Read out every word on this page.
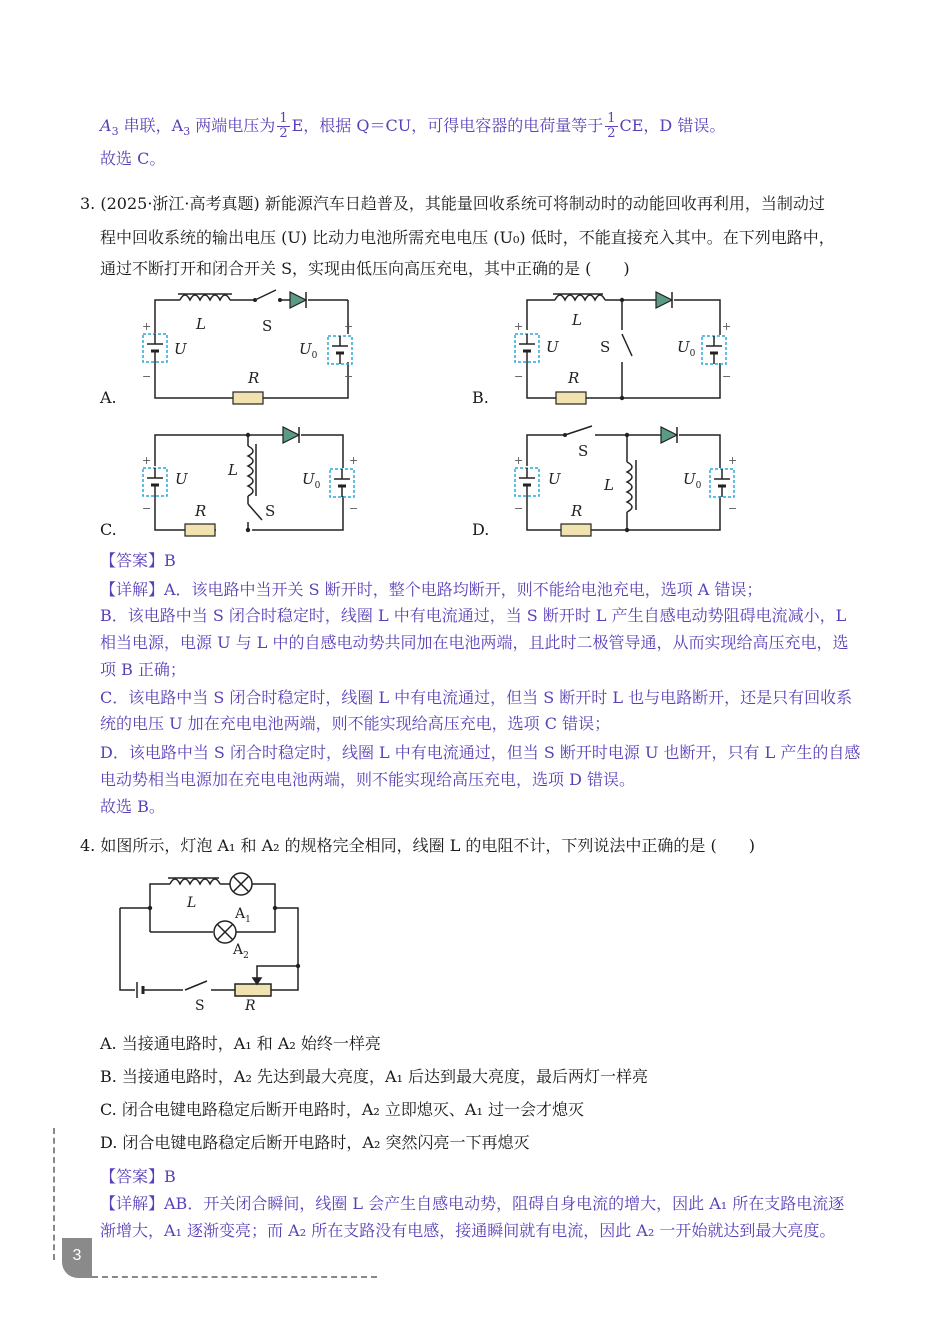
$A_3$ 串联，$A_3$ 两端电压为 $\frac{1}{2}$ E，根据 Q＝CU，可得电容器的电荷量等于 $\frac{1}{2}$ CE，D 错误。
故选 C。
3. (2025·浙江·高考真题) 新能源汽车日趋普及，其能量回收系统可将制动时的动能回收再利用，当制动过
程中回收系统的输出电压 (U) 比动力电池所需充电电压 (U₀) 低时，不能直接充入其中。在下列电路中，
通过不断打开和闭合开关 S，实现由低压向高压充电，其中正确的是 (　　)
A.	B.
C.	D.
L
R
U	$U_0$
L
R
U	$U_0$
L
R
U	$U_0$	L
R
U	$U_0$
S
S
S
S
+
−
+
−
+
−
+
−
+
−
+
−
+
−
+
−
【答案】B
【详解】A．该电路中当开关 S 断开时，整个电路均断开，则不能给电池充电，选项 A 错误；
B．该电路中当 S 闭合时稳定时，线圈 L 中有电流通过，当 S 断开时 L 产生自感电动势阻碍电流减小，L
相当电源，电源 U 与 L 中的自感电动势共同加在电池两端，且此时二极管导通，从而实现给高压充电，选
项 B 正确；
C．该电路中当 S 闭合时稳定时，线圈 L 中有电流通过，但当 S 断开时 L 也与电路断开，还是只有回收系
统的电压 U 加在充电电池两端，则不能实现给高压充电，选项 C 错误；
D．该电路中当 S 闭合时稳定时，线圈 L 中有电流通过，但当 S 断开时电源 U 也断开，只有 L 产生的自感
电动势相当电源加在充电电池两端，则不能实现给高压充电，选项 D 错误。
故选 B。
4. 如图所示，灯泡 A₁ 和 A₂ 的规格完全相同，线圈 L 的电阻不计，下列说法中正确的是 (　　)
L
$A_1$
$A_2$
S	R
A. 当接通电路时，A₁ 和 A₂ 始终一样亮
B. 当接通电路时，A₂ 先达到最大亮度，A₁ 后达到最大亮度，最后两灯一样亮
C. 闭合电键电路稳定后断开电路时，A₂ 立即熄灭、A₁ 过一会才熄灭
D. 闭合电键电路稳定后断开电路时，A₂ 突然闪亮一下再熄灭
【答案】B
【详解】AB．开关闭合瞬间，线圈 L 会产生自感电动势，阻碍自身电流的增大，因此 A₁ 所在支路电流逐
渐增大，A₁ 逐渐变亮；而 A₂ 所在支路没有电感，接通瞬间就有电流，因此 A₂ 一开始就达到最大亮度。
3
